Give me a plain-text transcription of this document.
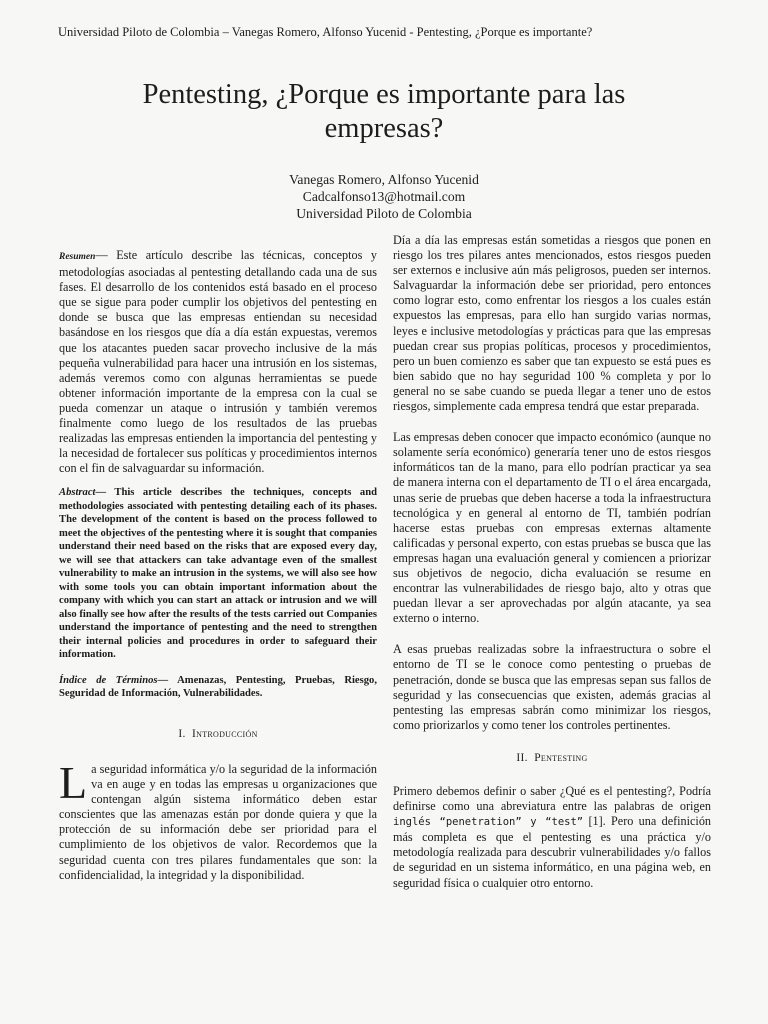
Universidad Piloto de Colombia – Vanegas Romero, Alfonso Yucenid - Pentesting, ¿Porque es importante?
Pentesting, ¿Porque es importante para las
empresas?
Vanegas Romero, Alfonso Yucenid
Cadcalfonso13@hotmail.com
Universidad Piloto de Colombia

Resumen— Este artículo describe las técnicas, conceptos y metodologías asociadas al pentesting detallando cada una de sus fases. El desarrollo de los contenidos está basado en el proceso que se sigue para poder cumplir los objetivos del pentesting en donde se busca que las empresas entiendan su necesidad basándose en los riesgos que día a día están expuestas, veremos que los atacantes pueden sacar provecho inclusive de la más pequeña vulnerabilidad para hacer una intrusión en los sistemas, además veremos como con algunas herramientas se puede obtener información importante de la empresa con la cual se pueda comenzar un ataque o intrusión y también veremos finalmente como luego de los resultados de las pruebas realizadas las empresas entienden la importancia del pentesting y la necesidad de fortalecer sus políticas y procedimientos internos con el fin de salvaguardar su información.

Abstract— This article describes the techniques, concepts and methodologies associated with pentesting detailing each of its phases. The development of the content is based on the process followed to meet the objectives of the pentesting where it is sought that companies understand their need based on the risks that are exposed every day, we will see that attackers can take advantage even of the smallest vulnerability to make an intrusion in the systems, we will also see how with some tools you can obtain important information about the company with which you can start an attack or intrusion and we will also finally see how after the results of the tests carried out Companies understand the importance of pentesting and the need to strengthen their internal policies and procedures in order to safeguard their information.

Índice de Términos— Amenazas, Pentesting, Pruebas, Riesgo, Seguridad de Información, Vulnerabilidades.

I. Introducción

La seguridad informática y/o la seguridad de la información va en auge y en todas las empresas u organizaciones que contengan algún sistema informático deben estar conscientes que las amenazas están por donde quiera y que la protección de su información debe ser prioridad para el cumplimiento de los objetivos de valor. Recordemos que la seguridad cuenta con tres pilares fundamentales que son: la confidencialidad, la integridad y la disponibilidad.

Día a día las empresas están sometidas a riesgos que ponen en riesgo los tres pilares antes mencionados, estos riesgos pueden ser externos e inclusive aún más peligrosos, pueden ser internos. Salvaguardar la información debe ser prioridad, pero entonces como lograr esto, como enfrentar los riesgos a los cuales están expuestos las empresas, para ello han surgido varias normas, leyes e inclusive metodologías y prácticas para que las empresas puedan crear sus propias políticas, procesos y procedimientos, pero un buen comienzo es saber que tan expuesto se está pues es bien sabido que no hay seguridad 100 % completa y por lo general no se sabe cuando se pueda llegar a tener uno de estos riesgos, simplemente cada empresa tendrá que estar preparada.

Las empresas deben conocer que impacto económico (aunque no solamente sería económico) generaría tener uno de estos riesgos informáticos tan de la mano, para ello podrían practicar ya sea de manera interna con el departamento de TI o el área encargada, unas serie de pruebas que deben hacerse a toda la infraestructura tecnológica y en general al entorno de TI, también podrían hacerse estas pruebas con empresas externas altamente calificadas y personal experto, con estas pruebas se busca que las empresas hagan una evaluación general y comiencen a priorizar sus objetivos de negocio, dicha evaluación se resume en encontrar las vulnerabilidades de riesgo bajo, alto y otras que puedan llevar a ser aprovechadas por algún atacante, ya sea externo o interno.

A esas pruebas realizadas sobre la infraestructura o sobre el entorno de TI se le conoce como pentesting o pruebas de penetración, donde se busca que las empresas sepan sus fallos de seguridad y las consecuencias que existen, además gracias al pentesting las empresas sabrán como minimizar los riesgos, como priorizarlos y como tener los controles pertinentes.

II. Pentesting

Primero debemos definir o saber ¿Qué es el pentesting?, Podría definirse como una abreviatura entre las palabras de origen inglés “penetration” y “test” [1]. Pero una definición más completa es que el pentesting es una práctica y/o metodología realizada para descubrir vulnerabilidades y/o fallos de seguridad en un sistema informático, en una página web, en seguridad física o cualquier otro entorno.
